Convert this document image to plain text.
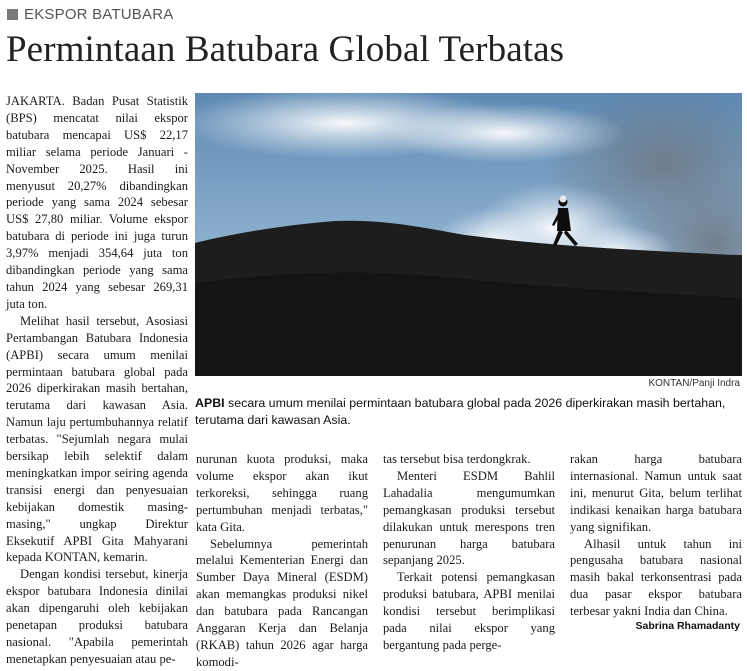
EKSPOR BATUBARA
Permintaan Batubara Global Terbatas

JAKARTA. Badan Pusat Statistik (BPS) mencatat nilai ekspor batubara mencapai US$ 22,17 miliar selama periode Januari - November 2025. Hasil ini menyusut 20,27% dibandingkan periode yang sama 2024 sebesar US$ 27,80 miliar. Volume ekspor batubara di periode ini juga turun 3,97% menjadi 354,64 juta ton dibandingkan periode yang sama tahun 2024 yang sebesar 269,31 juta ton.

Melihat hasil tersebut, Asosiasi Pertambangan Batubara Indonesia (APBI) secara umum menilai permintaan batubara global pada 2026 diperkirakan masih bertahan, terutama dari kawasan Asia. Namun laju pertumbuhannya relatif terbatas. "Sejumlah negara mulai bersikap lebih selektif dalam meningkatkan impor seiring agenda transisi energi dan penyesuaian kebijakan domestik masing-masing," ungkap Direktur Eksekutif APBI Gita Mahyarani kepada KONTAN, kemarin.

Dengan kondisi tersebut, kinerja ekspor batubara Indonesia dinilai akan dipengaruhi oleh kebijakan penetapan produksi batubara nasional. "Apabila pemerintah menetapkan penyesuaian atau pe-

KONTAN/Panji Indra
APBI secara umum menilai permintaan batubara global pada 2026 diperkirakan masih bertahan, terutama dari kawasan Asia.

nurunan kuota produksi, maka volume ekspor akan ikut terkoreksi, sehingga ruang pertumbuhan menjadi terbatas," kata Gita.

Sebelumnya pemerintah melalui Kementerian Energi dan Sumber Daya Mineral (ESDM) akan memangkas produksi nikel dan batubara pada Rancangan Anggaran Kerja dan Belanja (RKAB) tahun 2026 agar harga komodi-

tas tersebut bisa terdongkrak.

Menteri ESDM Bahlil Lahadalia mengumumkan pemangkasan produksi tersebut dilakukan untuk merespons tren penurunan harga batubara sepanjang 2025.

Terkait potensi pemangkasan produksi batubara, APBI menilai kondisi tersebut berimplikasi pada nilai ekspor yang bergantung pada perge-

rakan harga batubara internasional. Namun untuk saat ini, menurut Gita, belum terlihat indikasi kenaikan harga batubara yang signifikan.

Alhasil untuk tahun ini pengusaha batubara nasional masih bakal terkonsentrasi pada dua pasar ekspor batubara terbesar yakni India dan China.

Sabrina Rhamadanty
